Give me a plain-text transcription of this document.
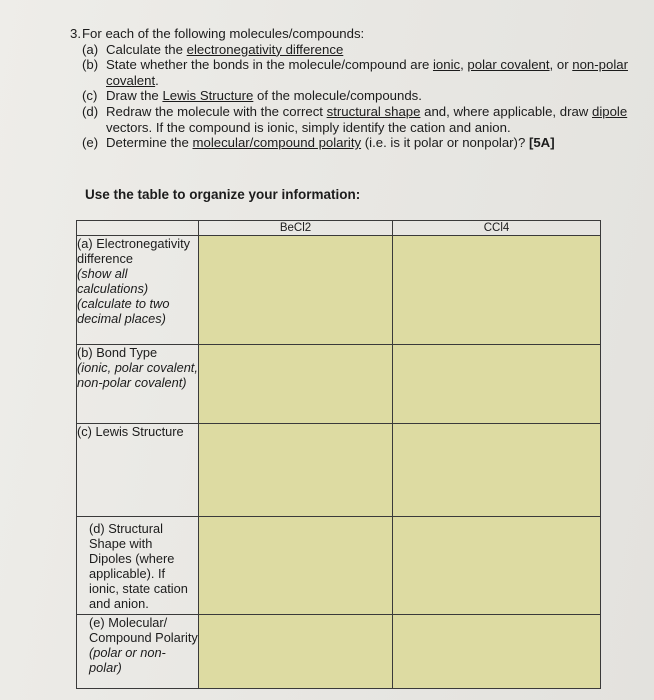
3. For each of the following molecules/compounds:
(a) Calculate the electronegativity difference
(b) State whether the bonds in the molecule/compound are ionic, polar covalent, or non-polar covalent.
(c) Draw the Lewis Structure of the molecule/compounds.
(d) Redraw the molecule with the correct structural shape and, where applicable, draw dipole vectors. If the compound is ionic, simply identify the cation and anion.
(e) Determine the molecular/compound polarity (i.e. is it polar or nonpolar)? [5A]
Use the table to organize your information:
	BeCl2	CCl4

(a) Electronegativity difference
(show all calculations) (calculate to two decimal places)		

(b) Bond Type
(ionic, polar covalent, non-polar covalent)		

(c) Lewis Structure		

(d) Structural Shape with Dipoles (where applicable). If ionic, state cation and anion.		

(e) Molecular/ Compound Polarity
(polar or non-polar)		
